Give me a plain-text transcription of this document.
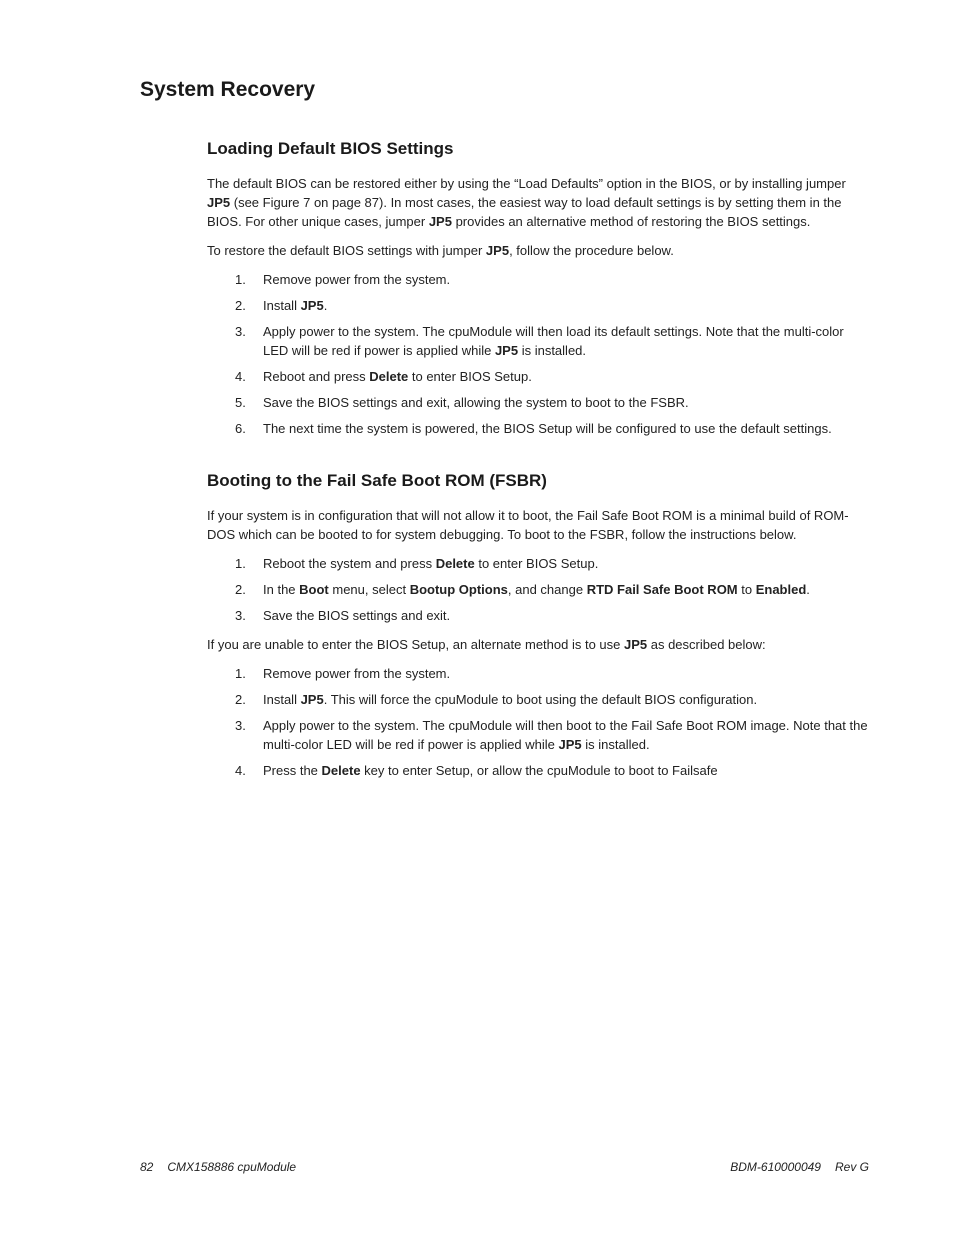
System Recovery
Loading Default BIOS Settings

The default BIOS can be restored either by using the “Load Defaults” option in the BIOS, or by installing jumper JP5 (see Figure 7 on page 87). In most cases, the easiest way to load default settings is by setting them in the BIOS. For other unique cases, jumper JP5 provides an alternative method of restoring the BIOS settings.

To restore the default BIOS settings with jumper JP5, follow the procedure below.

1. Remove power from the system.
2. Install JP5.
3. Apply power to the system. The cpuModule will then load its default settings. Note that the multi-color LED will be red if power is applied while JP5 is installed.
4. Reboot and press Delete to enter BIOS Setup.
5. Save the BIOS settings and exit, allowing the system to boot to the FSBR.
6. The next time the system is powered, the BIOS Setup will be configured to use the default settings.
Booting to the Fail Safe Boot ROM (FSBR)

If your system is in configuration that will not allow it to boot, the Fail Safe Boot ROM is a minimal build of ROM-DOS which can be booted to for system debugging. To boot to the FSBR, follow the instructions below.

1. Reboot the system and press Delete to enter BIOS Setup.
2. In the Boot menu, select Bootup Options, and change RTD Fail Safe Boot ROM to Enabled.
3. Save the BIOS settings and exit.

If you are unable to enter the BIOS Setup, an alternate method is to use JP5 as described below:

1. Remove power from the system.
2. Install JP5. This will force the cpuModule to boot using the default BIOS configuration.
3. Apply power to the system. The cpuModule will then boot to the Fail Safe Boot ROM image. Note that the multi-color LED will be red if power is applied while JP5 is installed.
4. Press the Delete key to enter Setup, or allow the cpuModule to boot to Failsafe
82 CMX158886 cpuModule	BDM-610000049 Rev G
